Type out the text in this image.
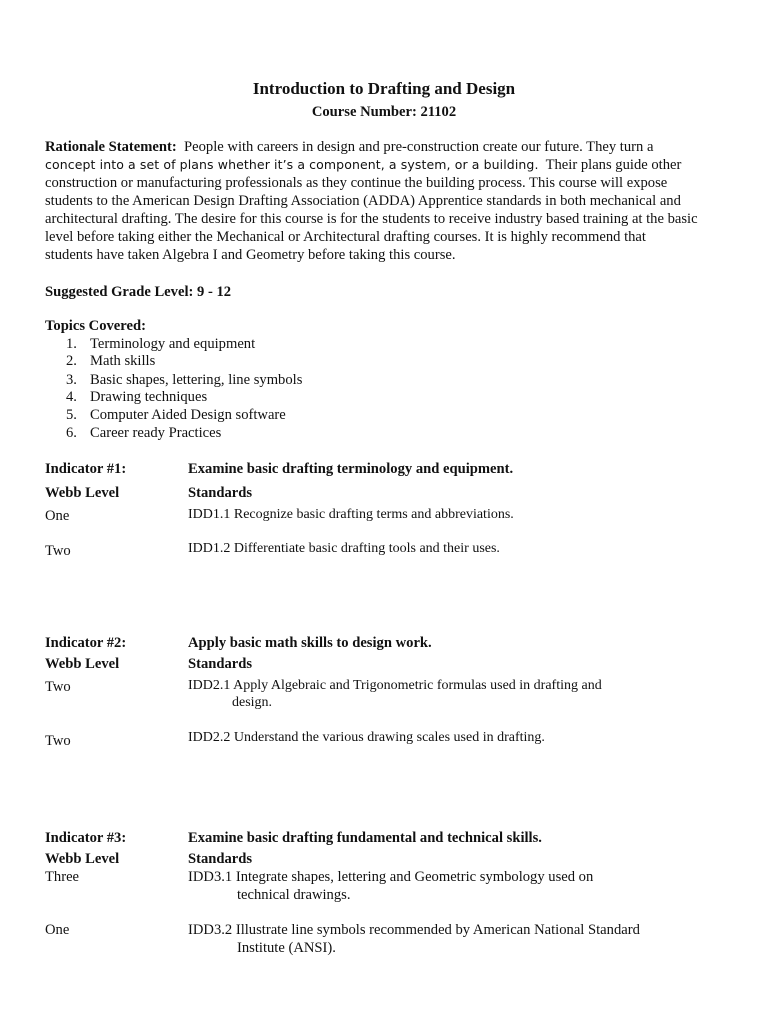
Introduction to Drafting and Design
Course Number: 21102
Rationale Statement: People with careers in design and pre-construction create our future. They turn a
concept into a set of plans whether it’s a component, a system, or a building. Their plans guide other
construction or manufacturing professionals as they continue the building process. This course will expose
students to the American Design Drafting Association (ADDA) Apprentice standards in both mechanical and
architectural drafting. The desire for this course is for the students to receive industry based training at the basic
level before taking either the Mechanical or Architectural drafting courses. It is highly recommend that
students have taken Algebra I and Geometry before taking this course.
Suggested Grade Level: 9 - 12
Topics Covered:
1. Terminology and equipment
2. Math skills
3. Basic shapes, lettering, line symbols
4. Drawing techniques
5. Computer Aided Design software
6. Career ready Practices
Indicator #1:	Examine basic drafting terminology and equipment.
Webb Level	Standards
One	IDD1.1 Recognize basic drafting terms and abbreviations.
Two	IDD1.2 Differentiate basic drafting tools and their uses.
Indicator #2:	Apply basic math skills to design work.
Webb Level	Standards
Two	IDD2.1 Apply Algebraic and Trigonometric formulas used in drafting and
design.
Two	IDD2.2 Understand the various drawing scales used in drafting.
Indicator #3:	Examine basic drafting fundamental and technical skills.
Webb Level	Standards
Three	IDD3.1 Integrate shapes, lettering and Geometric symbology used on
technical drawings.
One	IDD3.2 Illustrate line symbols recommended by American National Standard
Institute (ANSI).
